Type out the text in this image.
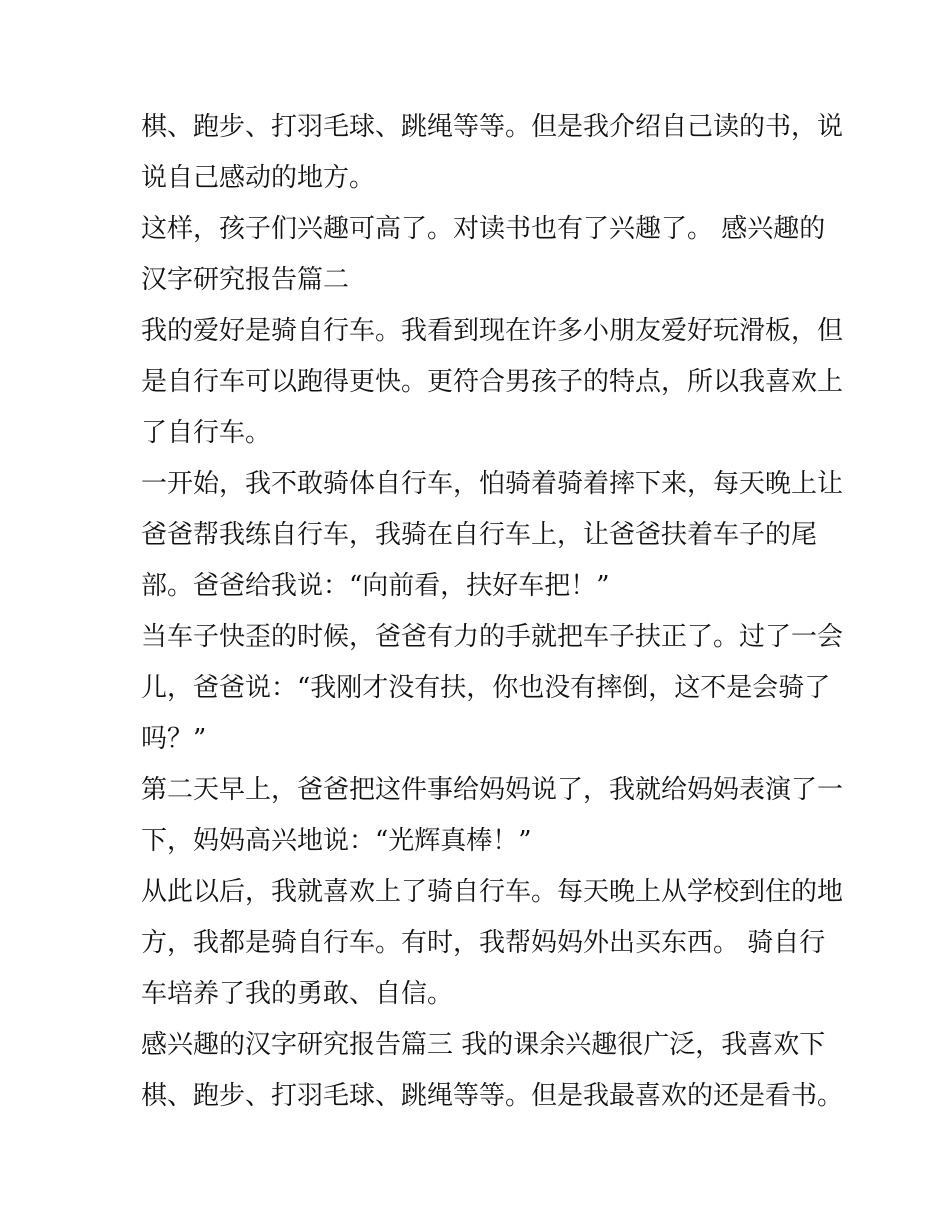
棋、跑步、打羽毛球、跳绳等等。但是我介绍自己读的书，说
说自己感动的地方。
这样，孩子们兴趣可高了。对读书也有了兴趣了。 感兴趣的
汉字研究报告篇二
我的爱好是骑自行车。我看到现在许多小朋友爱好玩滑板，但
是自行车可以跑得更快。更符合男孩子的特点，所以我喜欢上
了自行车。
一开始，我不敢骑体自行车，怕骑着骑着摔下来，每天晚上让
爸爸帮我练自行车，我骑在自行车上，让爸爸扶着车子的尾
部。爸爸给我说：“向前看，扶好车把！”
当车子快歪的时候，爸爸有力的手就把车子扶正了。过了一会
儿，爸爸说：“我刚才没有扶，你也没有摔倒，这不是会骑了
吗？”
第二天早上，爸爸把这件事给妈妈说了，我就给妈妈表演了一
下，妈妈高兴地说：“光辉真棒！”
从此以后，我就喜欢上了骑自行车。每天晚上从学校到住的地
方，我都是骑自行车。有时，我帮妈妈外出买东西。 骑自行
车培养了我的勇敢、自信。
感兴趣的汉字研究报告篇三 我的课余兴趣很广泛，我喜欢下
棋、跑步、打羽毛球、跳绳等等。但是我最喜欢的还是看书。
